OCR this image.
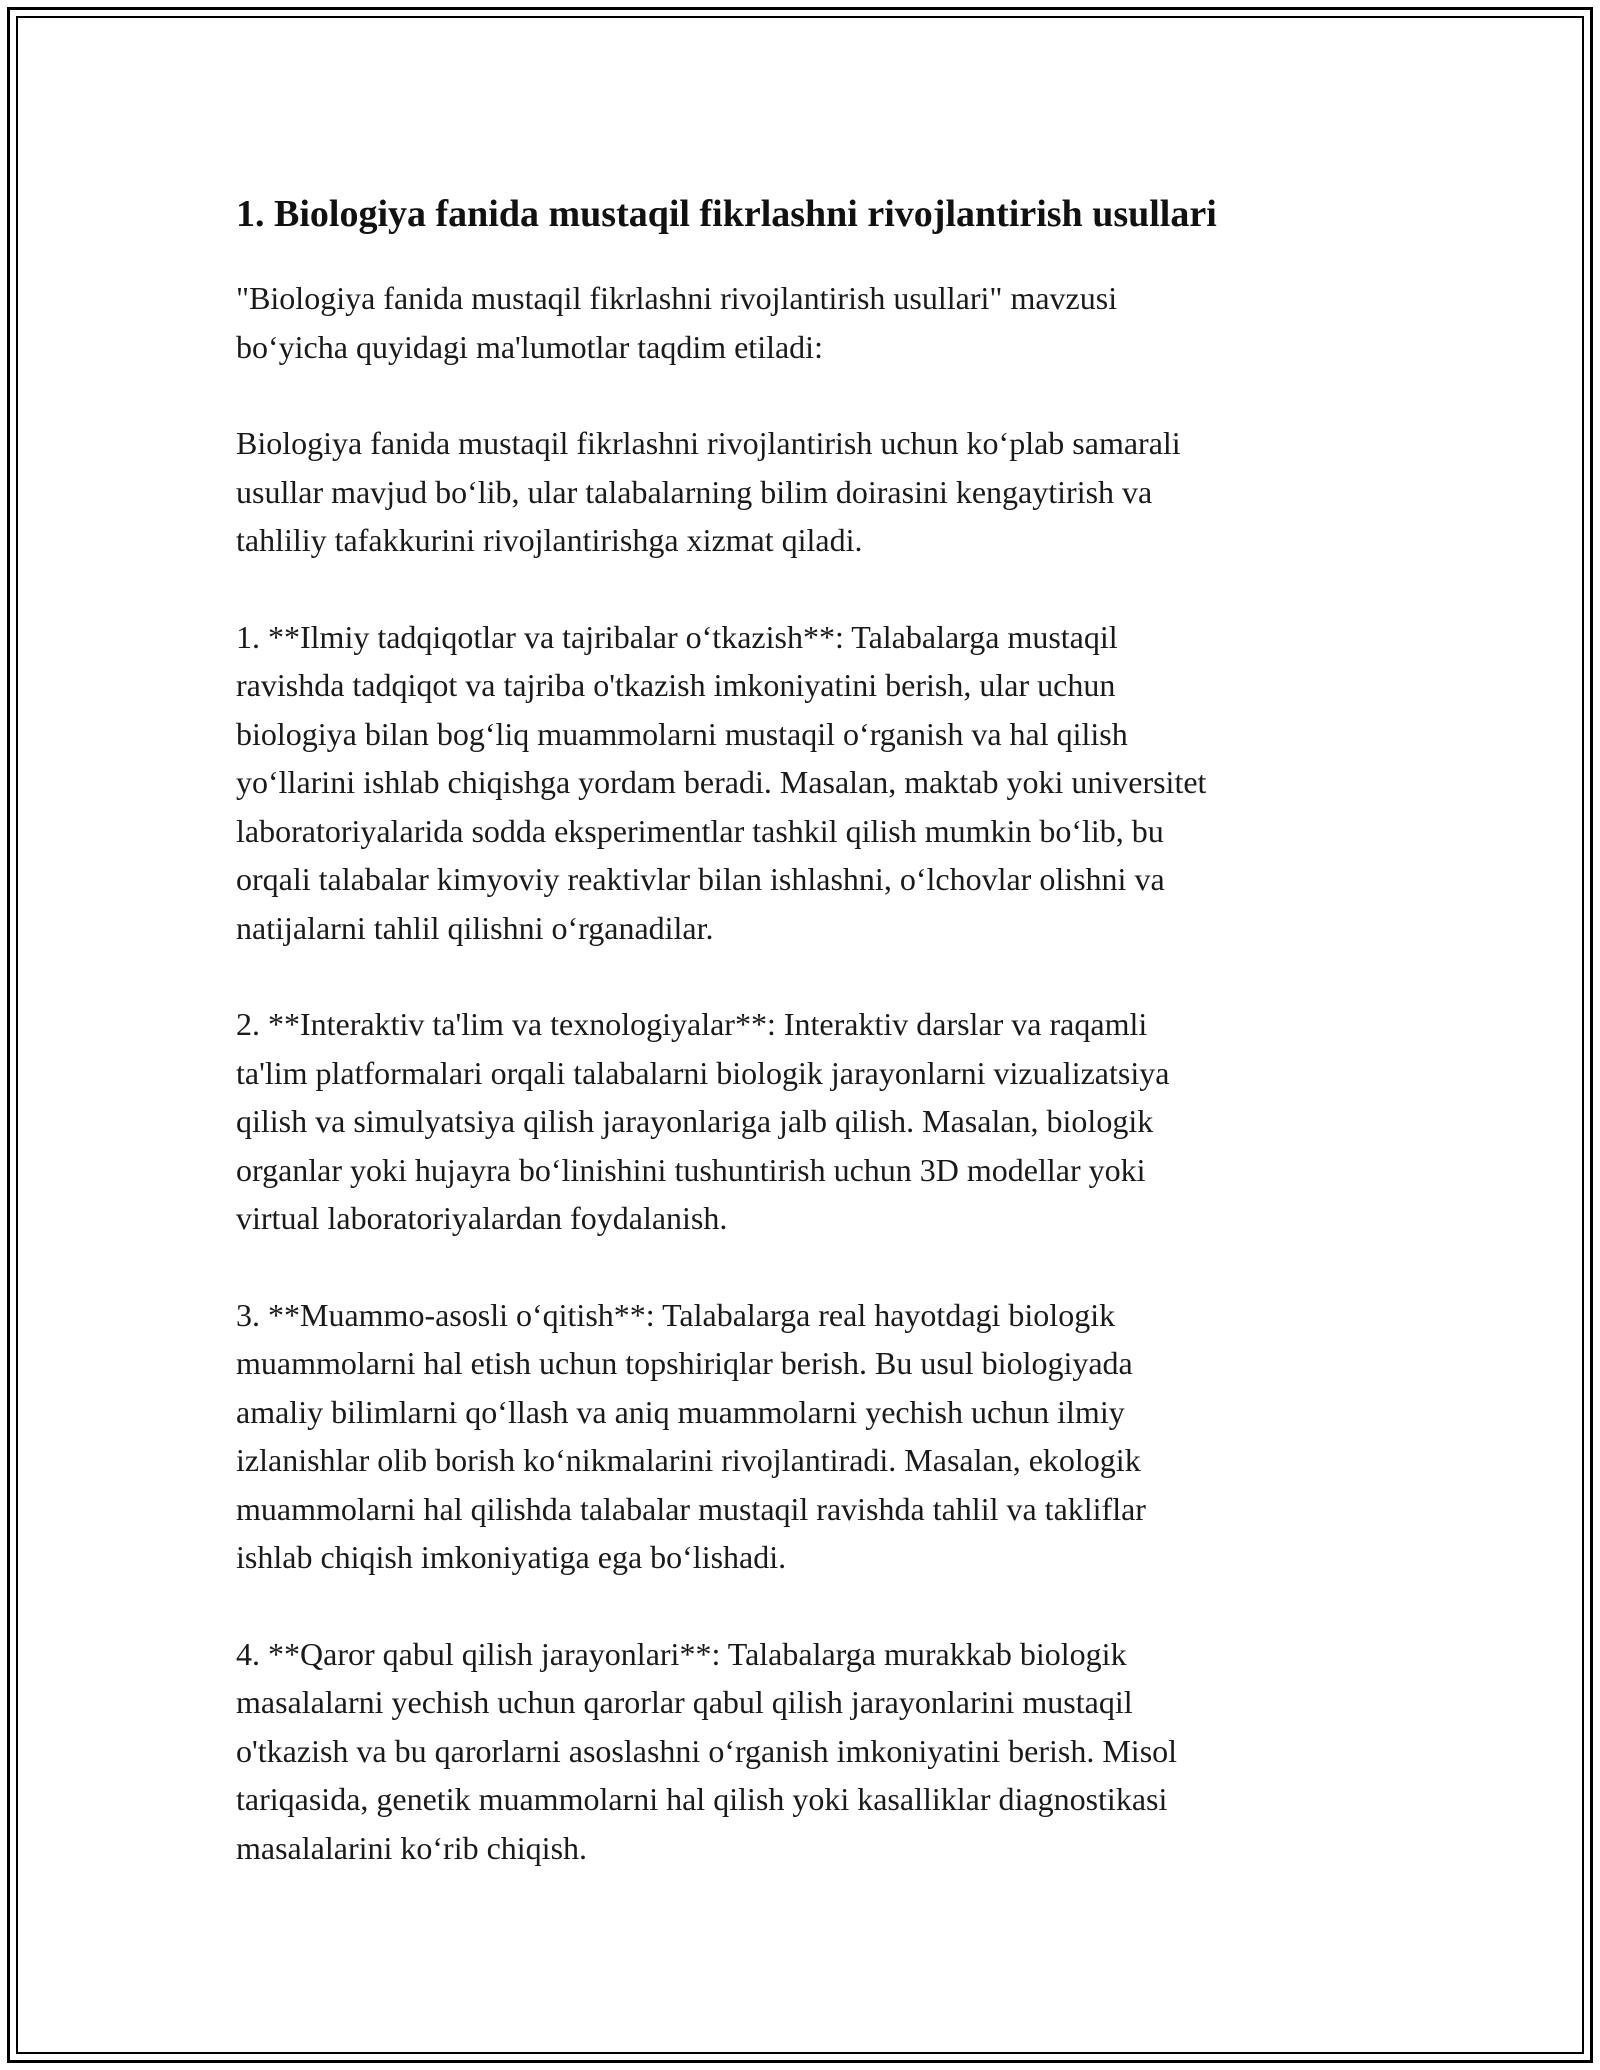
1. Biologiya fanida mustaqil fikrlashni rivojlantirish usullari

"Biologiya fanida mustaqil fikrlashni rivojlantirish usullari" mavzusi
bo‘yicha quyidagi ma'lumotlar taqdim etiladi:

Biologiya fanida mustaqil fikrlashni rivojlantirish uchun ko‘plab samarali
usullar mavjud bo‘lib, ular talabalarning bilim doirasini kengaytirish va
tahliliy tafakkurini rivojlantirishga xizmat qiladi.

1. **Ilmiy tadqiqotlar va tajribalar o‘tkazish**: Talabalarga mustaqil
ravishda tadqiqot va tajriba o'tkazish imkoniyatini berish, ular uchun
biologiya bilan bog‘liq muammolarni mustaqil o‘rganish va hal qilish
yo‘llarini ishlab chiqishga yordam beradi. Masalan, maktab yoki universitet
laboratoriyalarida sodda eksperimentlar tashkil qilish mumkin bo‘lib, bu
orqali talabalar kimyoviy reaktivlar bilan ishlashni, o‘lchovlar olishni va
natijalarni tahlil qilishni o‘rganadilar.

2. **Interaktiv ta'lim va texnologiyalar**: Interaktiv darslar va raqamli
ta'lim platformalari orqali talabalarni biologik jarayonlarni vizualizatsiya
qilish va simulyatsiya qilish jarayonlariga jalb qilish. Masalan, biologik
organlar yoki hujayra bo‘linishini tushuntirish uchun 3D modellar yoki
virtual laboratoriyalardan foydalanish.

3. **Muammo-asosli o‘qitish**: Talabalarga real hayotdagi biologik
muammolarni hal etish uchun topshiriqlar berish. Bu usul biologiyada
amaliy bilimlarni qo‘llash va aniq muammolarni yechish uchun ilmiy
izlanishlar olib borish ko‘nikmalarini rivojlantiradi. Masalan, ekologik
muammolarni hal qilishda talabalar mustaqil ravishda tahlil va takliflar
ishlab chiqish imkoniyatiga ega bo‘lishadi.

4. **Qaror qabul qilish jarayonlari**: Talabalarga murakkab biologik
masalalarni yechish uchun qarorlar qabul qilish jarayonlarini mustaqil
o'tkazish va bu qarorlarni asoslashni o‘rganish imkoniyatini berish. Misol
tariqasida, genetik muammolarni hal qilish yoki kasalliklar diagnostikasi
masalalarini ko‘rib chiqish.
